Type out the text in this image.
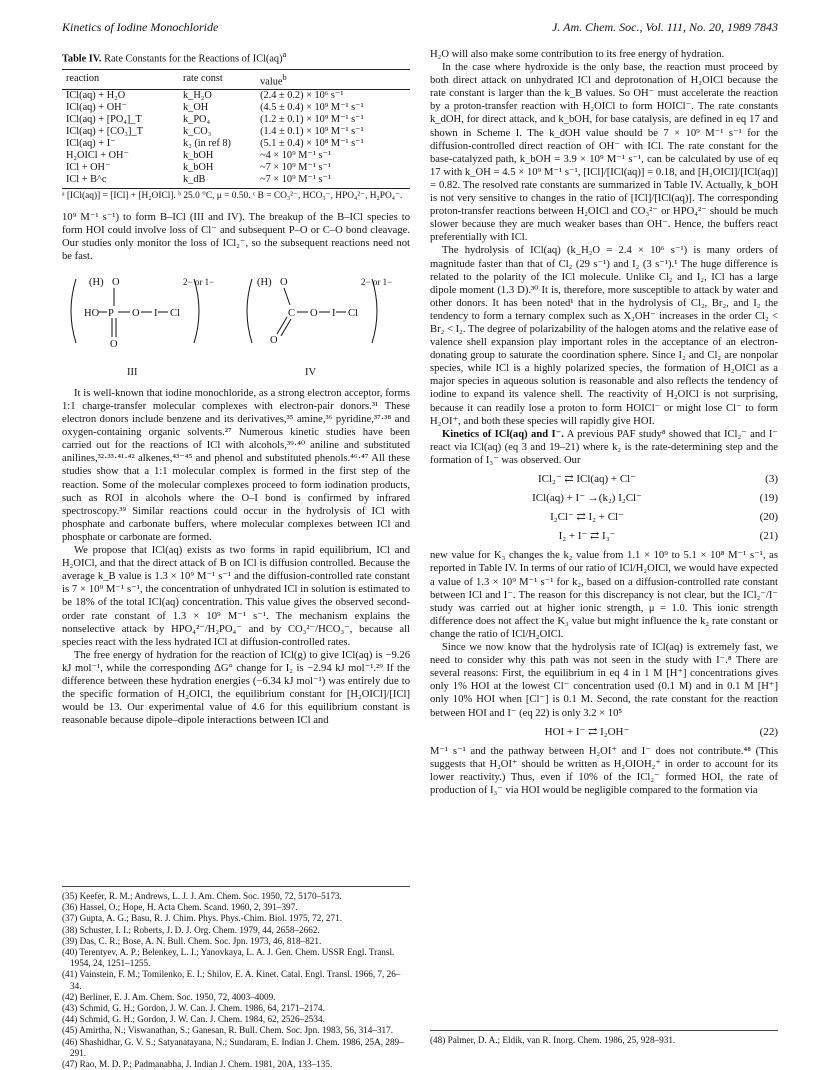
Kinetics of Iodine Monochloride	J. Am. Chem. Soc., Vol. 111, No. 20, 1989 7843
Table IV. Rate Constants for the Reactions of ICl(aq)$^a$
reaction	rate const	value$^b$
ICl(aq) + H₂O	k_H₂O	(2.4 ± 0.2) × 10⁶ s⁻¹
ICl(aq) + OH⁻	k_OH	(4.5 ± 0.4) × 10⁹ M⁻¹ s⁻¹
ICl(aq) + [PO₄]_T	k_PO₄	(1.2 ± 0.1) × 10⁹ M⁻¹ s⁻¹
ICl(aq) + [CO₃]_T	k_CO₃	(1.4 ± 0.1) × 10⁹ M⁻¹ s⁻¹
ICl(aq) + I⁻	k₂ (in ref 8)	(5.1 ± 0.4) × 10⁸ M⁻¹ s⁻¹
H₂OICl + OH⁻	k_bOH	~4 × 10⁹ M⁻¹ s⁻¹
ICl + OH⁻	k_bOH	~7 × 10⁹ M⁻¹ s⁻¹
ICl + B^c	k_dB	~7 × 10⁹ M⁻¹ s⁻¹
ᵃ [ICl(aq)] = [ICl] + [H₂OICl]. ᵇ 25.0 °C, μ = 0.50. ᶜ B = CO₃²⁻, HCO₃⁻, HPO₄²⁻, H₂PO₄⁻.

10⁹ M⁻¹ s⁻¹) to form B–ICl (III and IV). The breakup of the B–ICl species to form HOI could involve loss of Cl⁻ and subsequent P–O or C–O bond cleavage. Our studies only monitor the loss of ICl₂⁻, so the subsequent reactions need not be fast.

(H) O
HO P O I Cl
O
2− or 1−
III
(H) O
C O I Cl
O
2− or 1−
IV

It is well-known that iodine monochloride, as a strong electron acceptor, forms 1:1 charge-transfer molecular complexes with electron-pair donors.³¹ These electron donors include benzene and its derivatives,³⁵ amine,³⁶ pyridine,³⁷·³⁸ and oxygen-containing organic solvents.²⁷ Numerous kinetic studies have been carried out for the reactions of ICl with alcohols,³⁹·⁴⁰ aniline and substituted anilines,³²·³³·⁴¹·⁴² alkenes,⁴³⁻⁴⁵ and phenol and substituted phenols.⁴⁶·⁴⁷ All these studies show that a 1:1 molecular complex is formed in the first step of the reaction. Some of the molecular complexes proceed to form iodination products, such as ROI in alcohols where the O–I bond is confirmed by infrared spectroscopy.³⁹ Similar reactions could occur in the hydrolysis of ICl with phosphate and carbonate buffers, where molecular complexes between ICl and phosphate or carbonate are formed.

We propose that ICl(aq) exists as two forms in rapid equilibrium, ICl and H₂OICl, and that the direct attack of B on ICl is diffusion controlled. Because the average k_B value is 1.3 × 10⁹ M⁻¹ s⁻¹ and the diffusion-controlled rate constant is 7 × 10⁹ M⁻¹ s⁻¹, the concentration of unhydrated ICl in solution is estimated to be 18% of the total ICl(aq) concentration. This value gives the observed second-order rate constant of 1.3 × 10⁹ M⁻¹ s⁻¹. The mechanism explains the nonselective attack by HPO₄²⁻/H₂PO₄⁻ and by CO₃²⁻/HCO₃⁻, because all species react with the less hydrated ICl at diffusion-controlled rates.

The free energy of hydration for the reaction of ICl(g) to give ICl(aq) is −9.26 kJ mol⁻¹, while the corresponding ΔG° change for I₂ is −2.94 kJ mol⁻¹.²⁹ If the difference between these hydration energies (−6.34 kJ mol⁻¹) was entirely due to the specific formation of H₂OICl, the equilibrium constant for [H₂OICl]/[ICl] would be 13. Our experimental value of 4.6 for this equilibrium constant is reasonable because dipole–dipole interactions between ICl and

(35) Keefer, R. M.; Andrews, L. J. J. Am. Chem. Soc. 1950, 72, 5170–5173.
(36) Hassel, O.; Hope, H. Acta Chem. Scand. 1960, 2, 391–397.
(37) Gupta, A. G.; Basu, R. J. Chim. Phys. Phys.-Chim. Biol. 1975, 72, 271.
(38) Schuster, I. I.; Roberts, J. D. J. Org. Chem. 1979, 44, 2658–2662.
(39) Das, C. R.; Bose, A. N. Bull. Chem. Soc. Jpn. 1973, 46, 818–821.
(40) Terentyev, A. P.; Belenkey, L. I.; Yanovkaya, L. A. J. Gen. Chem. USSR Engl. Transl. 1954, 24, 1251–1255.
(41) Vainstein, F. M.; Tomilenko, E. I.; Shilov, E. A. Kinet. Catal. Engl. Transl. 1966, 7, 26–34.
(42) Berliner, E. J. Am. Chem. Soc. 1950, 72, 4003–4009.
(43) Schmid, G. H.; Gordon, J. W. Can. J. Chem. 1986, 64, 2171–2174.
(44) Schmid, G. H.; Gordon, J. W. Can. J. Chem. 1984, 62, 2526–2534.
(45) Amirtha, N.; Viswanathan, S.; Ganesan, R. Bull. Chem. Soc. Jpn. 1983, 56, 314–317.
(46) Shashidhar, G. V. S.; Satyanatayana, N.; Sundaram, E. Indian J. Chem. 1986, 25A, 289–291.
(47) Rao, M. D. P.; Padmanabha, J. Indian J. Chem. 1981, 20A, 133–135.

H₂O will also make some contribution to its free energy of hydration.

In the case where hydroxide is the only base, the reaction must proceed by both direct attack on unhydrated ICl and deprotonation of H₂OICl because the rate constant is larger than the k_B values. So OH⁻ must accelerate the reaction by a proton-transfer reaction with H₂OICl to form HOICl⁻. The rate constants k_dOH, for direct attack, and k_bOH, for base catalysis, are defined in eq 17 and shown in Scheme I. The k_dOH value should be 7 × 10⁹ M⁻¹ s⁻¹ for the diffusion-controlled direct reaction of OH⁻ with ICl. The rate constant for the base-catalyzed path, k_bOH = 3.9 × 10⁹ M⁻¹ s⁻¹, can be calculated by use of eq 17 with k_OH = 4.5 × 10⁹ M⁻¹ s⁻¹, [ICl]/[ICl(aq)] = 0.18, and [H₂OICl]/[ICl(aq)] = 0.82. The resolved rate constants are summarized in Table IV. Actually, k_bOH is not very sensitive to changes in the ratio of [ICl]/[ICl(aq)]. The corresponding proton-transfer reactions between H₂OICl and CO₃²⁻ or HPO₄²⁻ should be much slower because they are much weaker bases than OH⁻. Hence, the buffers react preferentially with ICl.

The hydrolysis of ICl(aq) (k_H₂O = 2.4 × 10⁶ s⁻¹) is many orders of magnitude faster than that of Cl₂ (29 s⁻¹) and I₂ (3 s⁻¹).¹ The huge difference is related to the polarity of the ICl molecule. Unlike Cl₂ and I₂, ICl has a large dipole moment (1.3 D).³⁰ It is, therefore, more susceptible to attack by water and other donors. It has been noted¹ that in the hydrolysis of Cl₂, Br₂, and I₂ the tendency to form a ternary complex such as X₂OH⁻ increases in the order Cl₂ < Br₂ < I₂. The degree of polarizability of the halogen atoms and the relative ease of valence shell expansion play important roles in the acceptance of an electron-donating group to saturate the coordination sphere. Since I₂ and Cl₂ are nonpolar species, while ICl is a highly polarized species, the formation of H₂OICl as a major species in aqueous solution is reasonable and also reflects the tendency of iodine to expand its valence shell. The reactivity of H₂OICl is not surprising, because it can readily lose a proton to form HOICl⁻ or might lose Cl⁻ to form H₂OI⁺, and both these species will rapidly give HOI.

Kinetics of ICl(aq) and I⁻. A previous PAF study⁸ showed that ICl₂⁻ and I⁻ react via ICl(aq) (eq 3 and 19–21) where k₂ is the rate-determining step and the formation of I₃⁻ was observed. Our

ICl₂⁻ ⇄ ICl(aq) + Cl⁻	(3)
ICl(aq) + I⁻ →(k₂) I₂Cl⁻	(19)
I₂Cl⁻ ⇄ I₂ + Cl⁻	(20)
I₂ + I⁻ ⇄ I₃⁻	(21)

new value for K₃ changes the k₂ value from 1.1 × 10⁹ to 5.1 × 10⁸ M⁻¹ s⁻¹, as reported in Table IV. In terms of our ratio of ICl/H₂OICl, we would have expected a value of 1.3 × 10⁹ M⁻¹ s⁻¹ for k₂, based on a diffusion-controlled rate constant between ICl and I⁻. The reason for this discrepancy is not clear, but the ICl₂⁻/I⁻ study was carried out at higher ionic strength, μ = 1.0. This ionic strength difference does not affect the K₃ value but might influence the k₂ rate constant or change the ratio of ICl/H₂OICl.

Since we now know that the hydrolysis rate of ICl(aq) is extremely fast, we need to consider why this path was not seen in the study with I⁻.⁸ There are several reasons: First, the equilibrium in eq 4 in 1 M [H⁺] concentrations gives only 1% HOI at the lowest Cl⁻ concentration used (0.1 M) and in 0.1 M [H⁺] only 10% HOI when [Cl⁻] is 0.1 M. Second, the rate constant for the reaction between HOI and I⁻ (eq 22) is only 3.2 × 10⁵

HOI + I⁻ ⇄ I₂OH⁻	(22)

M⁻¹ s⁻¹ and the pathway between H₂OI⁺ and I⁻ does not contribute.⁴⁸ (This suggests that H₂OI⁺ should be written as H₂OIOH₂⁺ in order to account for its lower reactivity.) Thus, even if 10% of the ICl₂⁻ formed HOI, the rate of production of I₃⁻ via HOI would be negligible compared to the formation via

(48) Palmer, D. A.; Eldik, van R. Inorg. Chem. 1986, 25, 928–931.
